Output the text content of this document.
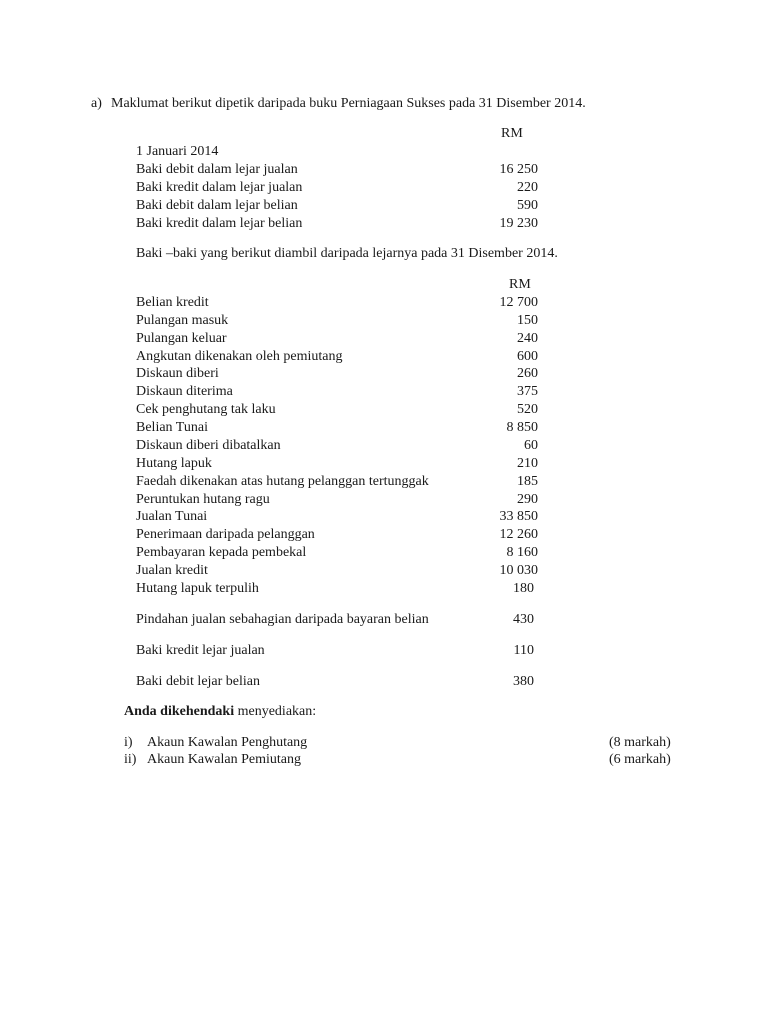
a) Maklumat berikut dipetik daripada buku Perniagaan Sukses pada 31 Disember 2014.
RM
1 Januari 2014
Baki debit dalam lejar jualan	16 250
Baki kredit dalam lejar jualan	220
Baki debit dalam lejar belian	590
Baki kredit dalam lejar belian	19 230
Baki –baki yang berikut diambil daripada lejarnya pada 31 Disember 2014.
RM
Belian kredit	12 700
Pulangan masuk	150
Pulangan keluar	240
Angkutan dikenakan oleh pemiutang	600
Diskaun diberi	260
Diskaun diterima	375
Cek penghutang tak laku	520
Belian Tunai	8 850
Diskaun diberi dibatalkan	60
Hutang lapuk	210
Faedah dikenakan atas hutang pelanggan tertunggak	185
Peruntukan hutang ragu	290
Jualan Tunai	33 850
Penerimaan daripada pelanggan	12 260
Pembayaran kepada pembekal	8 160
Jualan kredit	10 030
Hutang lapuk terpulih	180
Pindahan jualan sebahagian daripada bayaran belian	430
Baki kredit lejar jualan	110
Baki debit lejar belian	380
Anda dikehendaki menyediakan:
i) Akaun Kawalan Penghutang	(8 markah)
ii) Akaun Kawalan Pemiutang	(6 markah)
